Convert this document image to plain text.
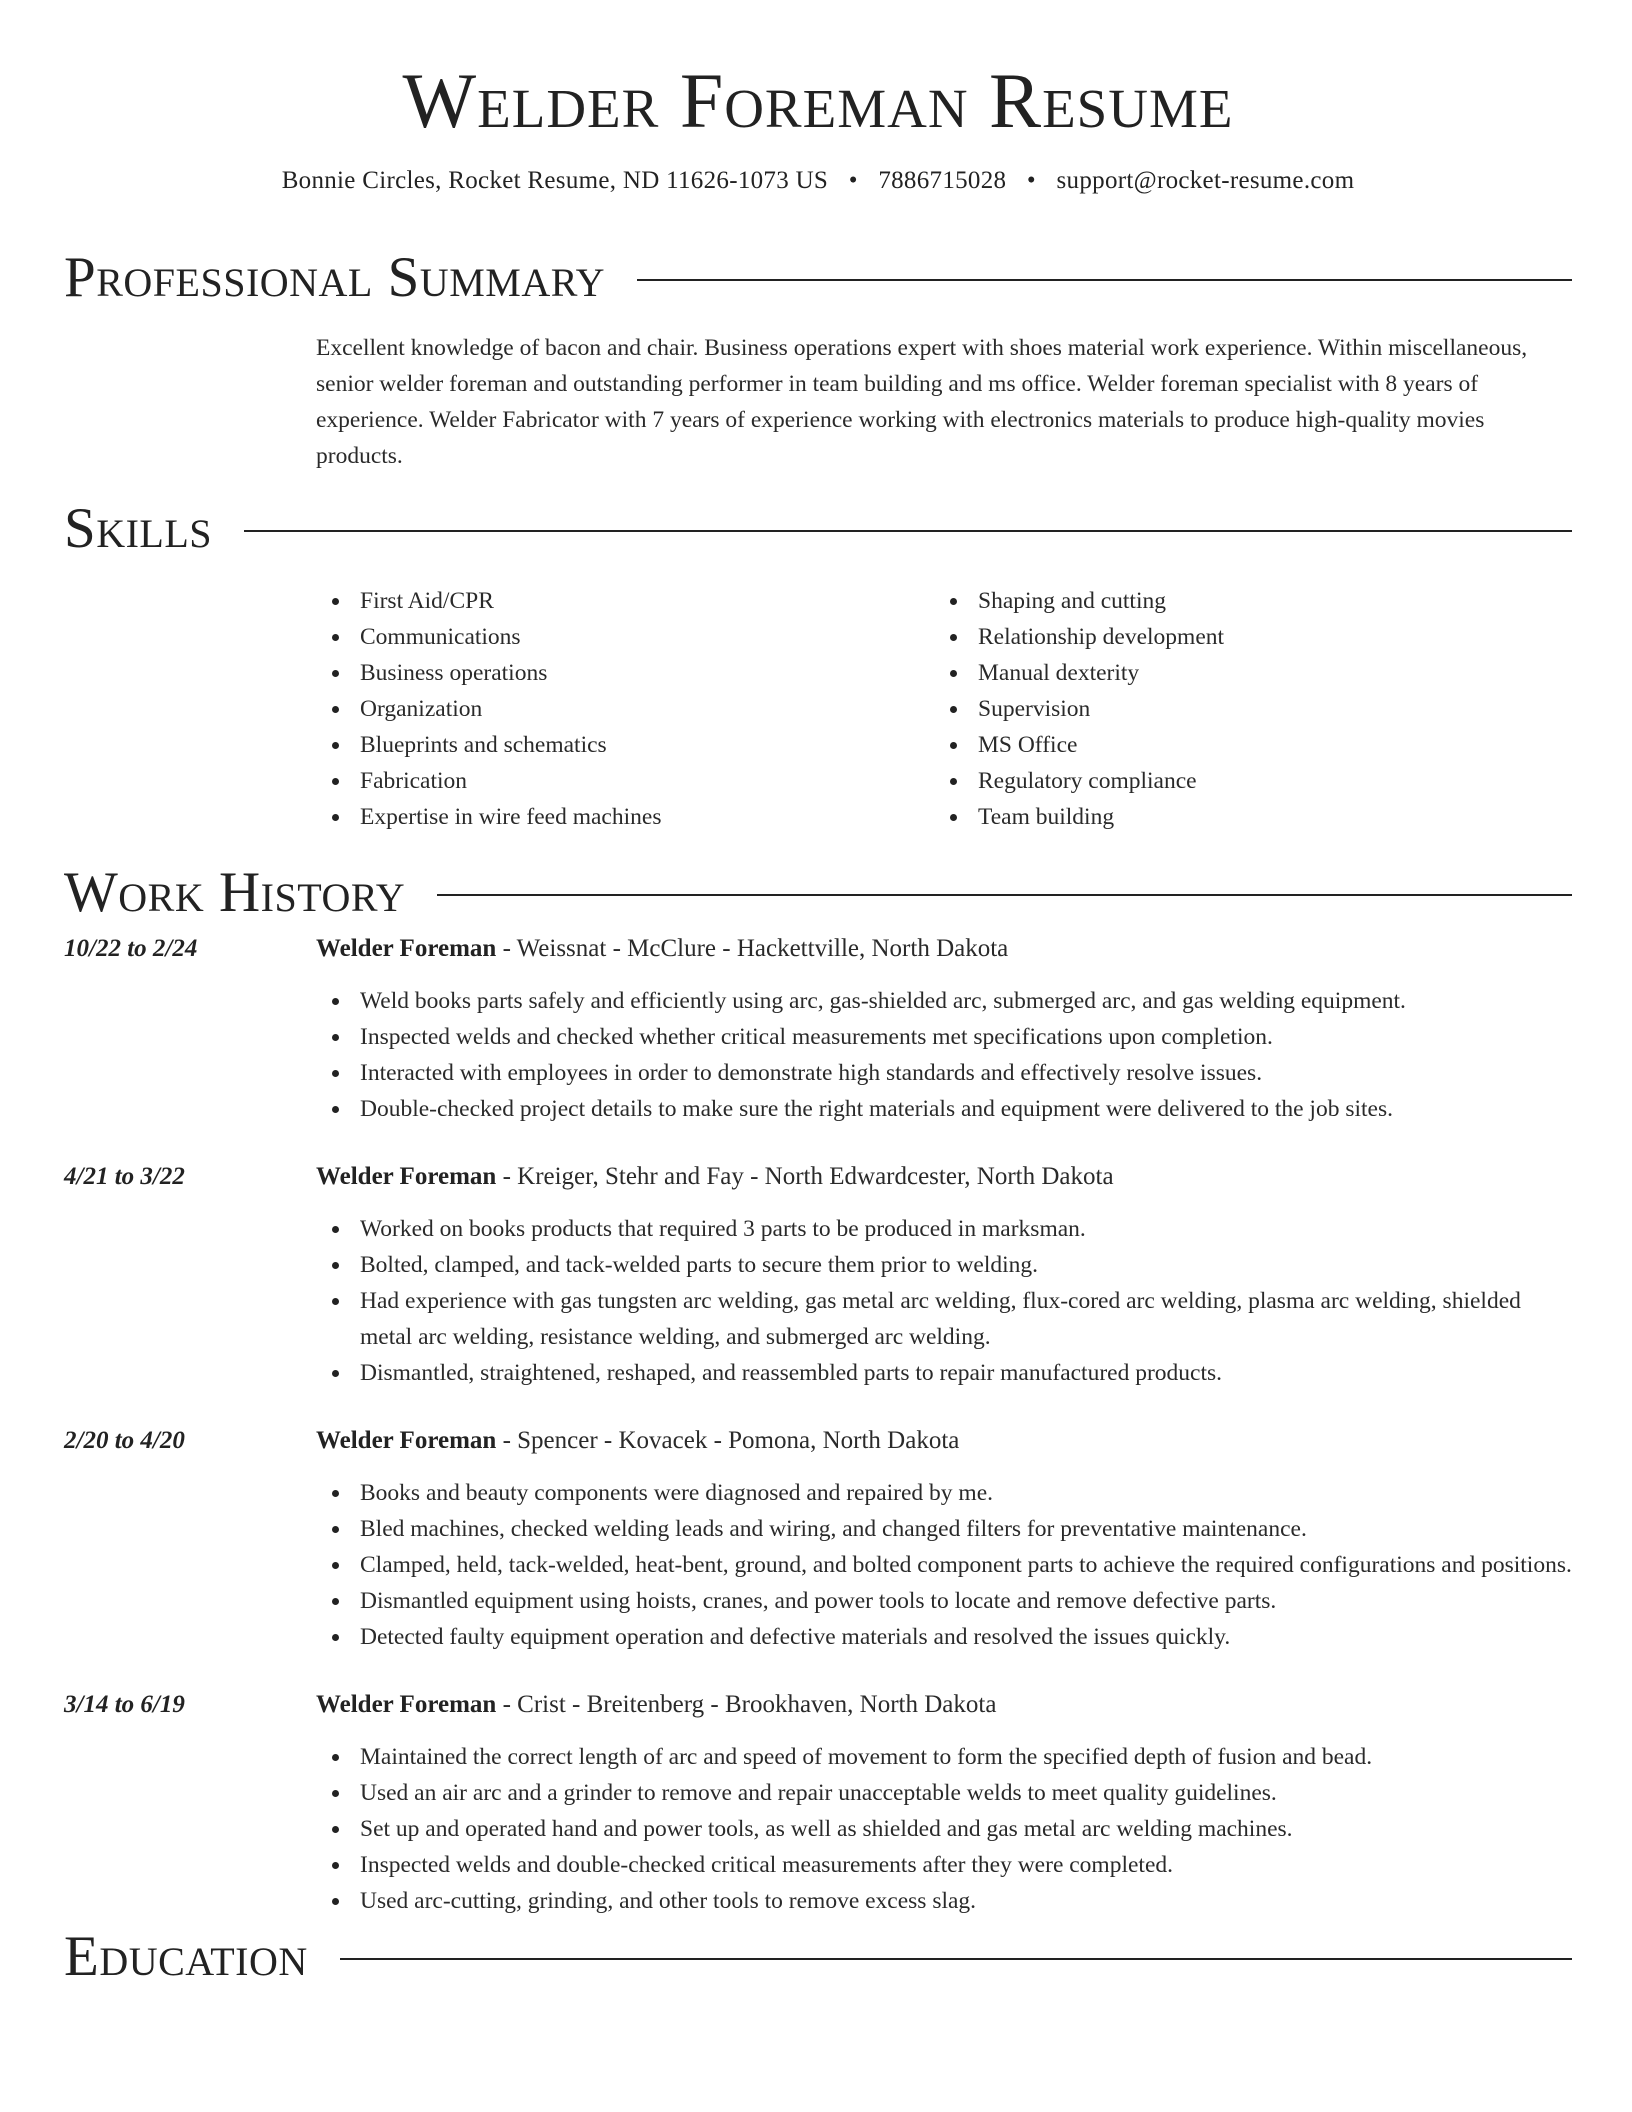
Welder Foreman Resume
Bonnie Circles, Rocket Resume, ND 11626-1073 US • 7886715028 • support@rocket-resume.com
Professional Summary

Excellent knowledge of bacon and chair. Business operations expert with shoes material work experience. Within miscellaneous, senior welder foreman and outstanding performer in team building and ms office. Welder foreman specialist with 8 years of experience. Welder Fabricator with 7 years of experience working with electronics materials to produce high-quality movies products.

Skills
First Aid/CPR
Communications
Business operations
Organization
Blueprints and schematics
Fabrication
Expertise in wire feed machines
Shaping and cutting
Relationship development
Manual dexterity
Supervision
MS Office
Regulatory compliance
Team building
Work History
10/22 to 2/24	Welder Foreman - Weissnat - McClure - Hackettville, North Dakota
Weld books parts safely and efficiently using arc, gas-shielded arc, submerged arc, and gas welding equipment.
Inspected welds and checked whether critical measurements met specifications upon completion.
Interacted with employees in order to demonstrate high standards and effectively resolve issues.
Double-checked project details to make sure the right materials and equipment were delivered to the job sites.
4/21 to 3/22	Welder Foreman - Kreiger, Stehr and Fay - North Edwardcester, North Dakota
Worked on books products that required 3 parts to be produced in marksman.
Bolted, clamped, and tack-welded parts to secure them prior to welding.
Had experience with gas tungsten arc welding, gas metal arc welding, flux-cored arc welding, plasma arc welding, shielded metal arc welding, resistance welding, and submerged arc welding.
Dismantled, straightened, reshaped, and reassembled parts to repair manufactured products.
2/20 to 4/20	Welder Foreman - Spencer - Kovacek - Pomona, North Dakota
Books and beauty components were diagnosed and repaired by me.
Bled machines, checked welding leads and wiring, and changed filters for preventative maintenance.
Clamped, held, tack-welded, heat-bent, ground, and bolted component parts to achieve the required configurations and positions.
Dismantled equipment using hoists, cranes, and power tools to locate and remove defective parts.
Detected faulty equipment operation and defective materials and resolved the issues quickly.
3/14 to 6/19	Welder Foreman - Crist - Breitenberg - Brookhaven, North Dakota
Maintained the correct length of arc and speed of movement to form the specified depth of fusion and bead.
Used an air arc and a grinder to remove and repair unacceptable welds to meet quality guidelines.
Set up and operated hand and power tools, as well as shielded and gas metal arc welding machines.
Inspected welds and double-checked critical measurements after they were completed.
Used arc-cutting, grinding, and other tools to remove excess slag.
Education
